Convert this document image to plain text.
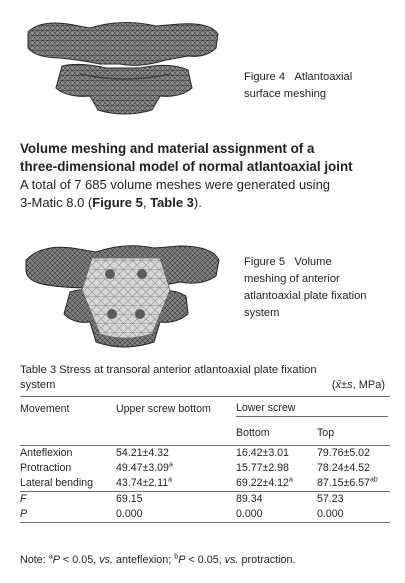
Figure 4 Atlantoaxial
surface meshing
Volume meshing and material assignment of a
three-dimensional model of normal atlantoaxial joint
A total of 7 685 volume meshes were generated using
3-Matic 8.0 (Figure 5, Table 3).
Figure 5 Volume
meshing of anterior
atlantoaxial plate fixation
system
Table 3 Stress at transoral anterior atlantoaxial plate fixation
system	(x̄±s, MPa)
Movement	Upper screw bottom	Lower screw	

		Bottom	Top
Anteflexion	54.21±4.32	16.42±3.01	79.76±5.02
Protraction	49.47±3.09$^a$	15.77±2.98	78.24±4.52
Lateral bending	43.74±2.11$^a$	69.22±4.12$^a$	87.15±6.57$^{ab}$
F	69.15	89.34	57.23
P	0.000	0.000	0.000
Note: $^a$P < 0.05, vs. anteflexion; $^b$P < 0.05, vs. protraction.
